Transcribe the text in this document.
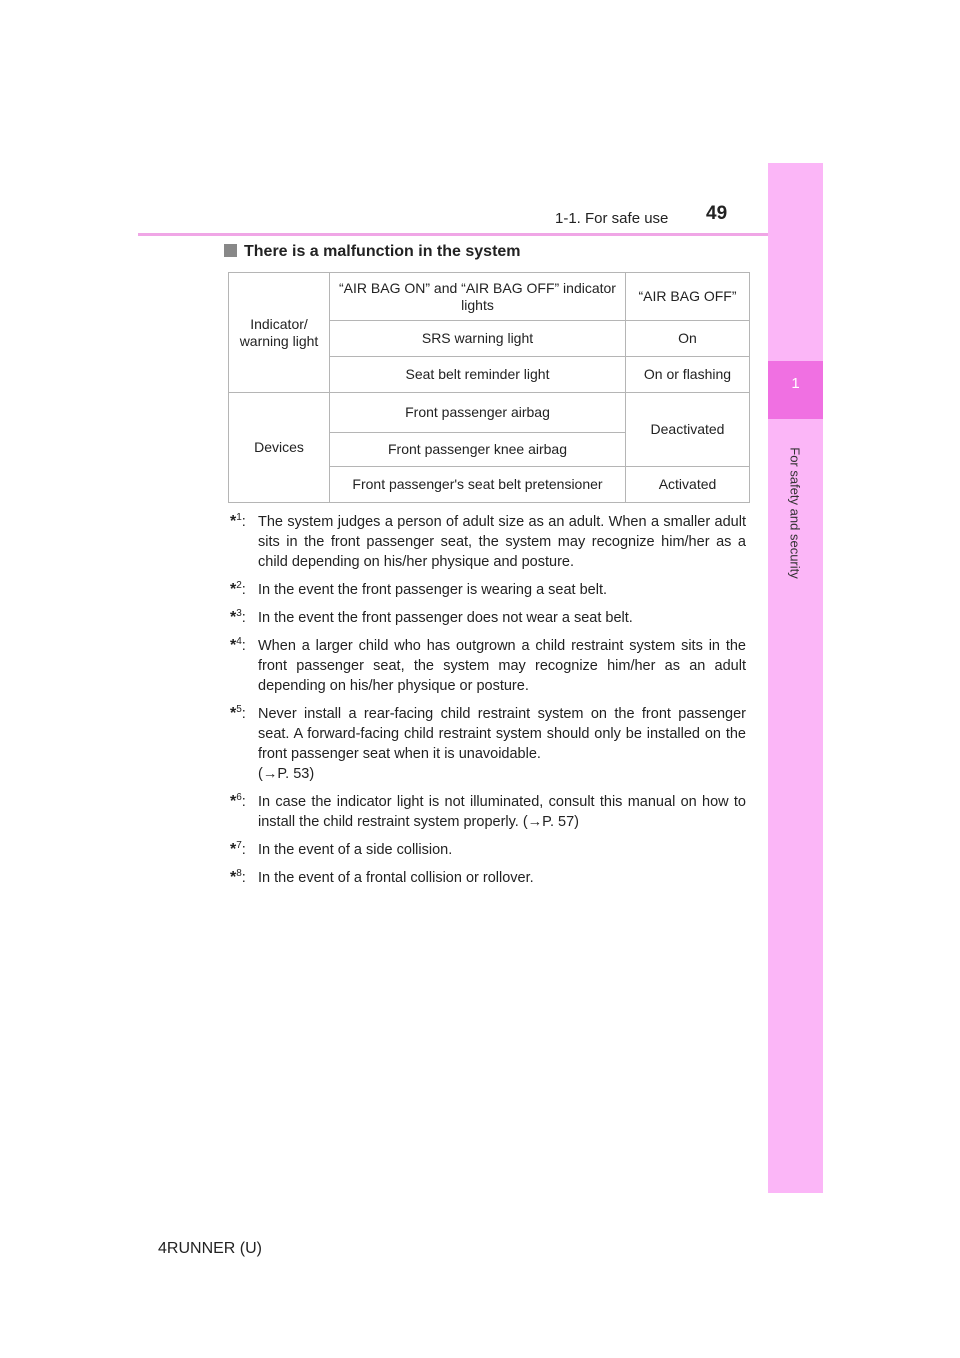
1-1. For safe use 49
1
For safety and security
There is a malfunction in the system
Indicator/ warning light	“AIR BAG ON” and “AIR BAG OFF” indicator lights	“AIR BAG OFF”
	SRS warning light	On
	Seat belt reminder light	On or flashing
Devices	Front passenger airbag	Deactivated
	Front passenger knee airbag	
	Front passenger's seat belt pretensioner	Activated
*$^1$: The system judges a person of adult size as an adult. When a smaller adult sits in the front passenger seat, the system may recognize him/her as a child depending on his/her physique and posture.
*$^2$: In the event the front passenger is wearing a seat belt.
*$^3$: In the event the front passenger does not wear a seat belt.
*$^4$: When a larger child who has outgrown a child restraint system sits in the front passenger seat, the system may recognize him/her as an adult depending on his/her physique or posture.
*$^5$: Never install a rear-facing child restraint system on the front passenger seat. A forward-facing child restraint system should only be installed on the front passenger seat when it is unavoidable.
(→P. 53)
*$^6$: In case the indicator light is not illuminated, consult this manual on how to install the child restraint system properly. (→P. 57)
*$^7$: In the event of a side collision.
*$^8$: In the event of a frontal collision or rollover.
4RUNNER (U)
